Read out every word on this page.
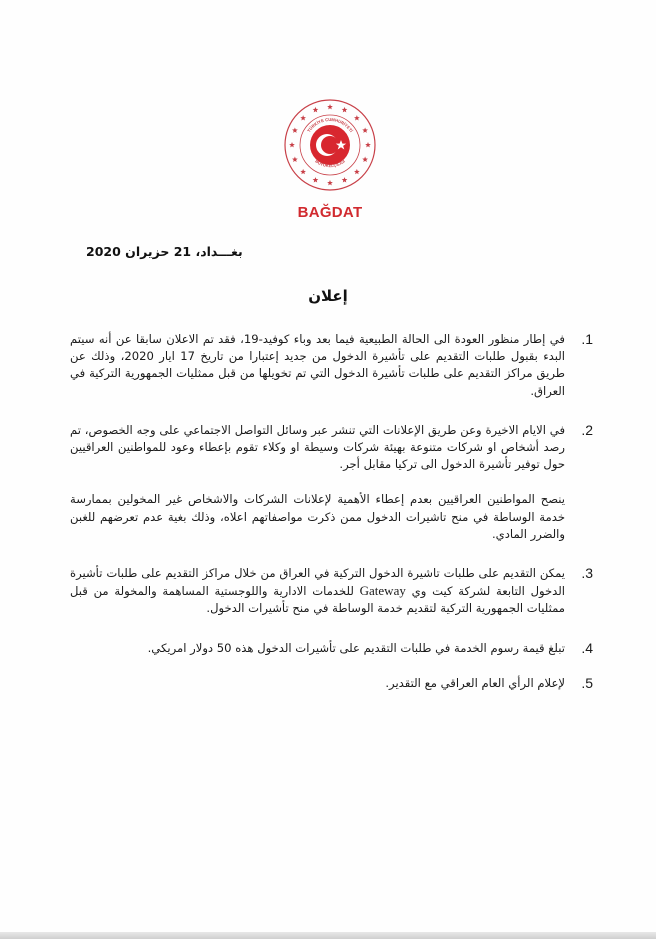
TÜRKİYE CUMHURİYETİ
BÜYÜKELÇİLİĞİ
BAĞDAT
بغـــداد، 21 حزيران 2020
إعلان
1.
في إطار منظور العودة الى الحالة الطبيعية فيما بعد وباء كوفيد-19، فقد تم الاعلان سابقا عن أنه سيتم البدء بقبول طلبات التقديم على تأشيرة الدخول من جديد إعتبارا من تاريخ 17 ايار 2020، وذلك عن طريق مراكز التقديم على طلبات تأشيرة الدخول التي تم تخويلها من قبل ممثليات الجمهورية التركية في العراق.
2.
في الايام الاخيرة وعن طريق الإعلانات التي تنشر عبر وسائل التواصل الاجتماعي على وجه الخصوص، تم رصد أشخاص او شركات متنوعة بهيئة شركات وسيطة او وكلاء تقوم بإعطاء وعود للمواطنين العراقيين حول توفير تأشيرة الدخول الى تركيا مقابل أجر.
ينصح المواطنين العراقيين بعدم إعطاء الأهمية لإعلانات الشركات والاشخاص غير المخولين بممارسة خدمة الوساطة في منح تاشيرات الدخول ممن ذكرت مواصفاتهم اعلاه، وذلك بغية عدم تعرضهم للغبن والضرر المادي.
3.
يمكن التقديم على طلبات تاشيرة الدخول التركية في العراق من خلال مراكز التقديم على طلبات تأشيرة الدخول التابعة لشركة كيت وي Gateway للخدمات الادارية واللوجستية المساهمة والمخولة من قبل ممثليات الجمهورية التركية لتقديم خدمة الوساطة في منح تأشيرات الدخول.
4.
تبلغ قيمة رسوم الخدمة في طلبات التقديم على تأشيرات الدخول هذه 50 دولار امريكي.
5.
لإعلام الرأي العام العراقي مع التقدير.
